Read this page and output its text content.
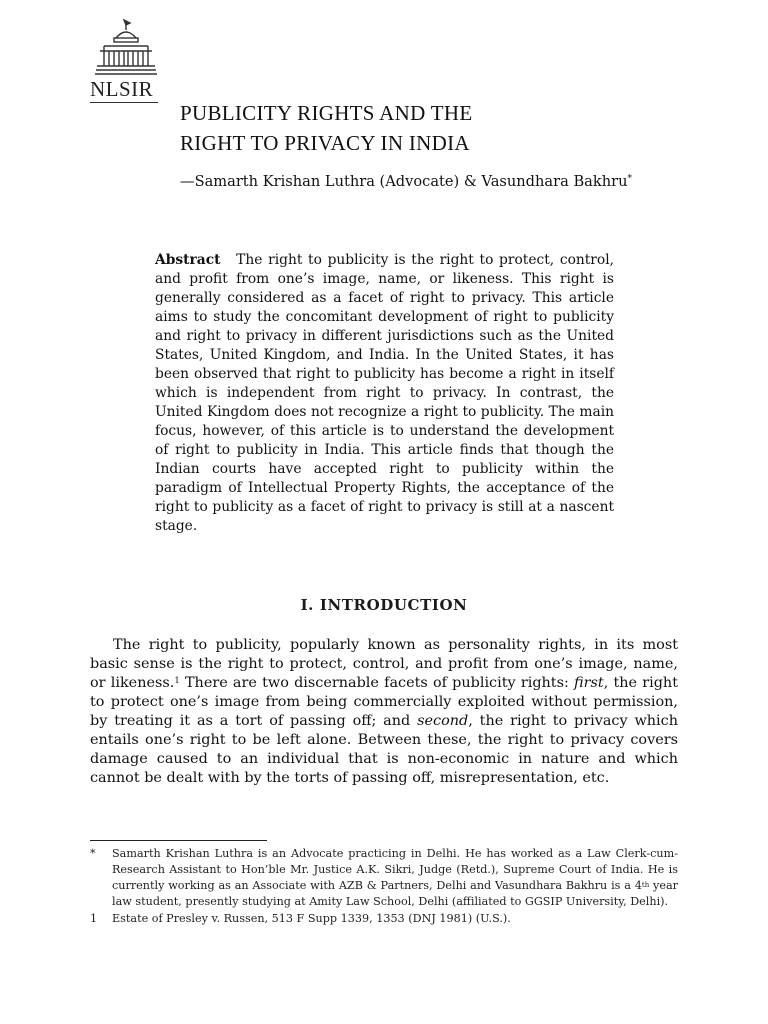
NLSIR
PUBLICITY RIGHTS AND THE
RIGHT TO PRIVACY IN INDIA
—Samarth Krishan Luthra (Advocate) & Vasundhara Bakhru*

Abstract The right to publicity is the right to protect, control, and profit from one’s image, name, or likeness. This right is generally considered as a facet of right to privacy. This article aims to study the concomitant development of right to publicity and right to privacy in different jurisdictions such as the United States, United Kingdom, and India. In the United States, it has been observed that right to publicity has become a right in itself which is independent from right to privacy. In contrast, the United Kingdom does not recognize a right to publicity. The main focus, however, of this article is to understand the development of right to publicity in India. This article finds that though the Indian courts have accepted right to publicity within the paradigm of Intellectual Property Rights, the acceptance of the right to publicity as a facet of right to privacy is still at a nascent stage.

I. INTRODUCTION

The right to publicity, popularly known as personality rights, in its most basic sense is the right to protect, control, and profit from one’s image, name, or likeness.$^1$ There are two discernable facets of publicity rights: first, the right to protect one’s image from being commercially exploited without permission, by treating it as a tort of passing off; and second, the right to privacy which entails one’s right to be left alone. Between these, the right to privacy covers damage caused to an individual that is non-economic in nature and which cannot be dealt with by the torts of passing off, misrepresentation, etc.

*	Samarth Krishan Luthra is an Advocate practicing in Delhi. He has worked as a Law Clerk-cum-Research Assistant to Hon’ble Mr. Justice A.K. Sikri, Judge (Retd.), Supreme Court of India. He is currently working as an Associate with AZB & Partners, Delhi and Vasundhara Bakhru is a 4th year law student, presently studying at Amity Law School, Delhi (affiliated to GGSIP University, Delhi).
1	Estate of Presley v. Russen, 513 F Supp 1339, 1353 (DNJ 1981) (U.S.).
